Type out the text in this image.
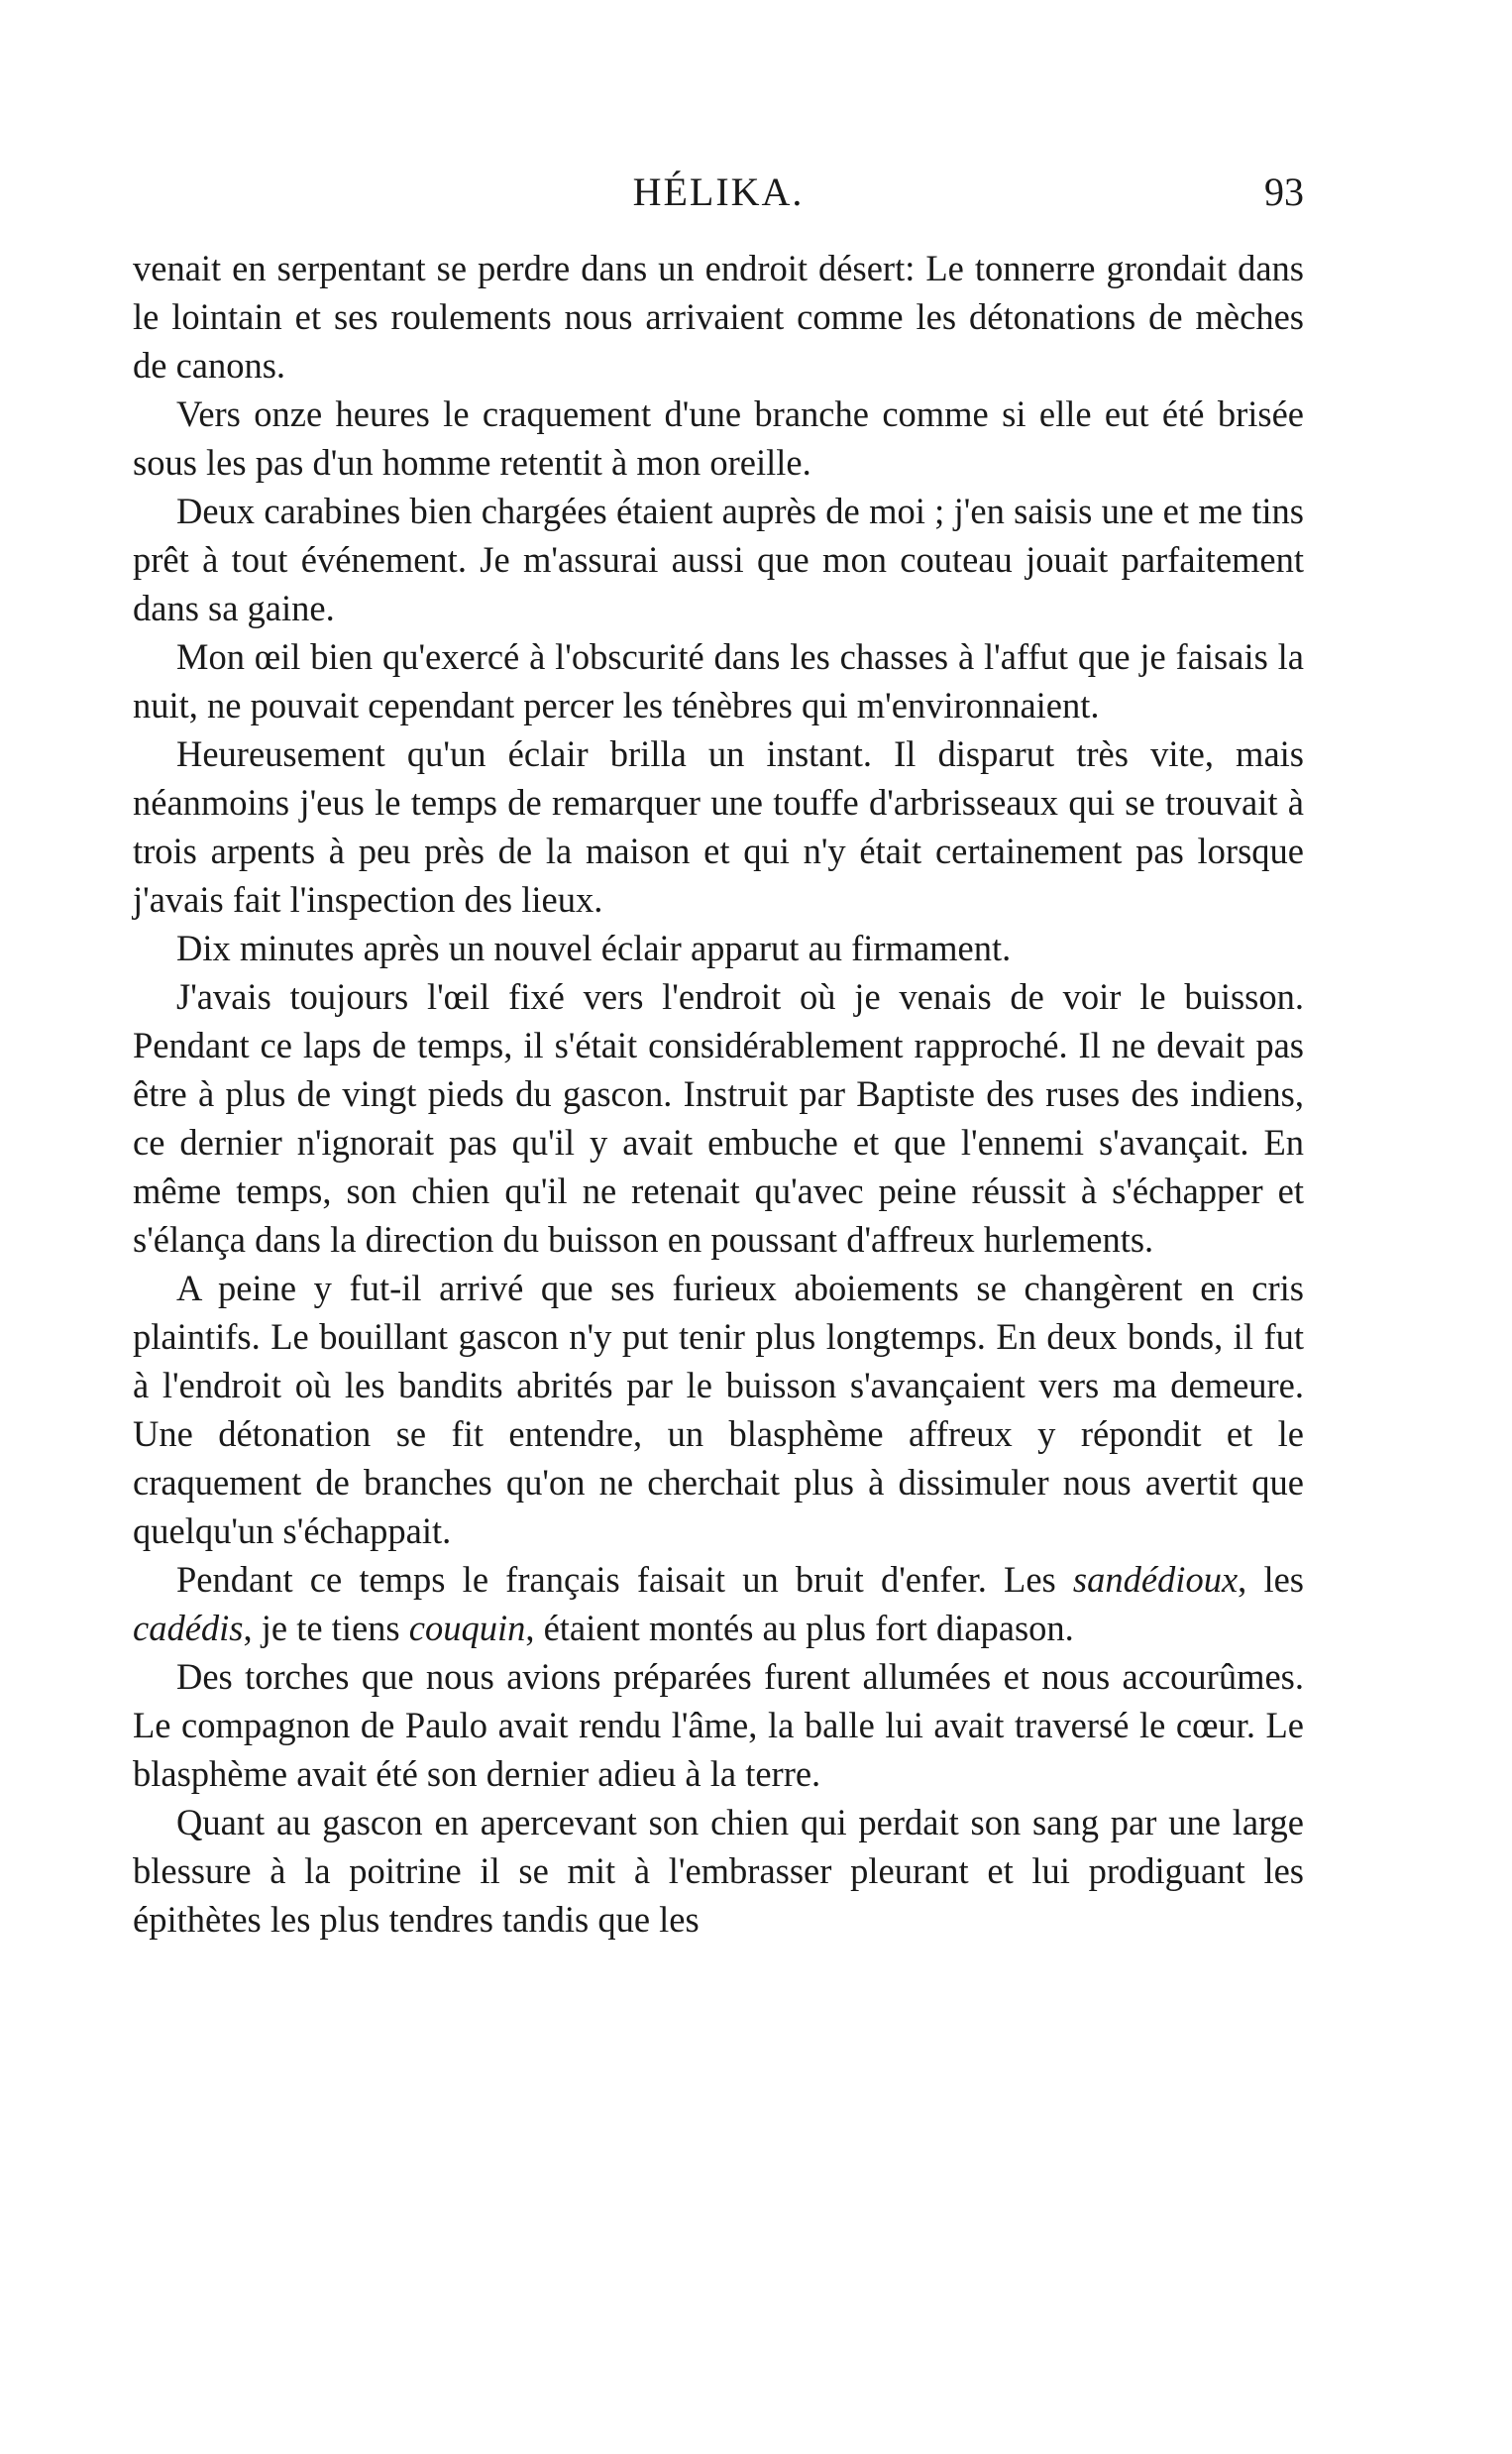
HÉLIKA.	93

venait en serpentant se perdre dans un endroit désert: Le tonnerre grondait dans le lointain et ses roulements nous arrivaient comme les détonations de mèches de canons.

Vers onze heures le craquement d'une branche comme si elle eut été brisée sous les pas d'un homme retentit à mon oreille.

Deux carabines bien chargées étaient auprès de moi ; j'en saisis une et me tins prêt à tout événement. Je m'assurai aussi que mon couteau jouait parfaitement dans sa gaine.

Mon œil bien qu'exercé à l'obscurité dans les chasses à l'affut que je faisais la nuit, ne pouvait cependant percer les ténèbres qui m'environnaient.

Heureusement qu'un éclair brilla un instant. Il disparut très vite, mais néanmoins j'eus le temps de remarquer une touffe d'arbrisseaux qui se trouvait à trois arpents à peu près de la maison et qui n'y était certainement pas lorsque j'avais fait l'inspection des lieux.

Dix minutes après un nouvel éclair apparut au firmament.

J'avais toujours l'œil fixé vers l'endroit où je venais de voir le buisson. Pendant ce laps de temps, il s'était considérablement rapproché. Il ne devait pas être à plus de vingt pieds du gascon. Instruit par Baptiste des ruses des indiens, ce dernier n'ignorait pas qu'il y avait embuche et que l'ennemi s'avançait. En même temps, son chien qu'il ne retenait qu'avec peine réussit à s'échapper et s'élança dans la direction du buisson en poussant d'affreux hurlements.

A peine y fut-il arrivé que ses furieux aboiements se changèrent en cris plaintifs. Le bouillant gascon n'y put tenir plus longtemps. En deux bonds, il fut à l'endroit où les bandits abrités par le buisson s'avançaient vers ma demeure. Une détonation se fit entendre, un blasphème affreux y répondit et le craquement de branches qu'on ne cherchait plus à dissimuler nous avertit que quelqu'un s'échappait.

Pendant ce temps le français faisait un bruit d'enfer. Les sandédioux, les cadédis, je te tiens couquin, étaient montés au plus fort diapason.

Des torches que nous avions préparées furent allumées et nous accourûmes. Le compagnon de Paulo avait rendu l'âme, la balle lui avait traversé le cœur. Le blasphème avait été son dernier adieu à la terre.

Quant au gascon en apercevant son chien qui perdait son sang par une large blessure à la poitrine il se mit à l'embrasser pleurant et lui prodiguant les épithètes les plus tendres tandis que les
